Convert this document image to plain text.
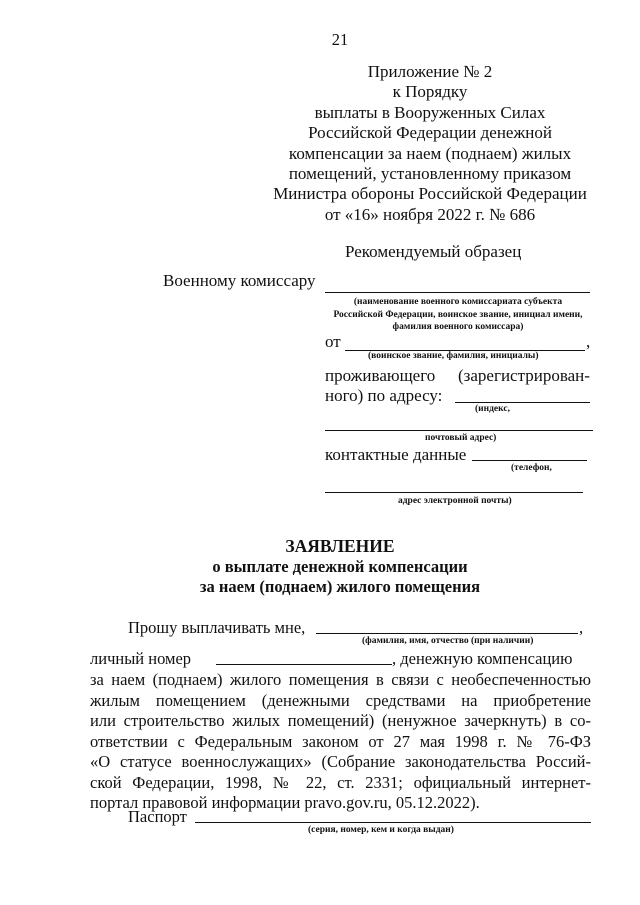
21
Приложение № 2
к Порядку
выплаты в Вооруженных Силах
Российской Федерации денежной
компенсации за наем (поднаем) жилых
помещений, установленному приказом
Министра обороны Российской Федерации
от «16» ноября 2022 г. № 686
Рекомендуемый образец
Военному комиссару
(наименование военного комиссариата субъекта
Российской Федерации, воинское звание, инициал имени,
фамилия военного комиссара)
от	,
(воинское звание, фамилия, инициалы)
проживающего (зарегистрирован-
ного) по адресу:
(индекс,
почтовый адрес)
контактные данные
(телефон,
адрес электронной почты)
ЗАЯВЛЕНИЕ
о выплате денежной компенсации
за наем (поднаем) жилого помещения
Прошу выплачивать мне,	,
(фамилия, имя, отчество (при наличии)
личный номер	, денежную компенсацию
за наем (поднаем) жилого помещения в связи с необеспеченностью
жилым помещением (денежными средствами на приобретение
или строительство жилых помещений) (ненужное зачеркнуть) в со-
ответствии с Федеральным законом от 27 мая 1998 г. № 76-ФЗ
«О статусе военнослужащих» (Собрание законодательства Россий-
ской Федерации, 1998, № 22, ст. 2331; официальный интернет-
портал правовой информации pravo.gov.ru, 05.12.2022).
Паспорт
(серия, номер, кем и когда выдан)
